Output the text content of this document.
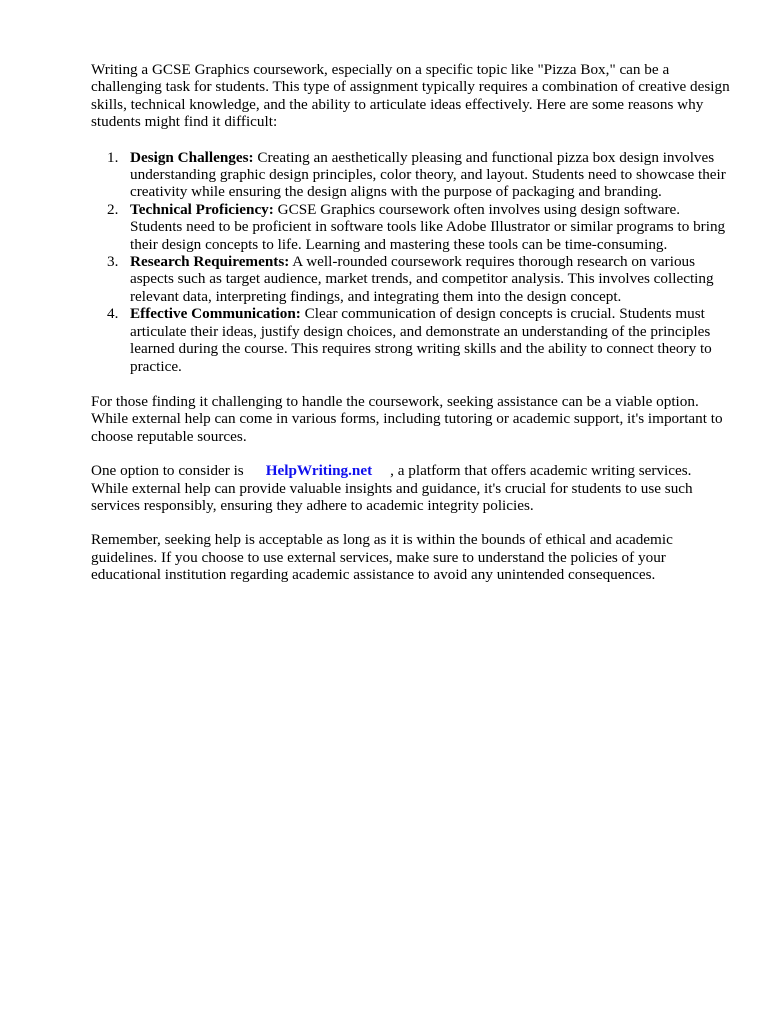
Writing a GCSE Graphics coursework, especially on a specific topic like "Pizza Box," can be a challenging task for students. This type of assignment typically requires a combination of creative design skills, technical knowledge, and the ability to articulate ideas effectively. Here are some reasons why students might find it difficult:

1. Design Challenges: Creating an aesthetically pleasing and functional pizza box design involves understanding graphic design principles, color theory, and layout. Students need to showcase their creativity while ensuring the design aligns with the purpose of packaging and branding.
2. Technical Proficiency: GCSE Graphics coursework often involves using design software. Students need to be proficient in software tools like Adobe Illustrator or similar programs to bring their design concepts to life. Learning and mastering these tools can be time-consuming.
3. Research Requirements: A well-rounded coursework requires thorough research on various aspects such as target audience, market trends, and competitor analysis. This involves collecting relevant data, interpreting findings, and integrating them into the design concept.
4. Effective Communication: Clear communication of design concepts is crucial. Students must articulate their ideas, justify design choices, and demonstrate an understanding of the principles learned during the course. This requires strong writing skills and the ability to connect theory to practice.

For those finding it challenging to handle the coursework, seeking assistance can be a viable option. While external help can come in various forms, including tutoring or academic support, it's important to choose reputable sources.

One option to consider is HelpWriting.net , a platform that offers academic writing services. While external help can provide valuable insights and guidance, it's crucial for students to use such services responsibly, ensuring they adhere to academic integrity policies.

Remember, seeking help is acceptable as long as it is within the bounds of ethical and academic guidelines. If you choose to use external services, make sure to understand the policies of your educational institution regarding academic assistance to avoid any unintended consequences.
